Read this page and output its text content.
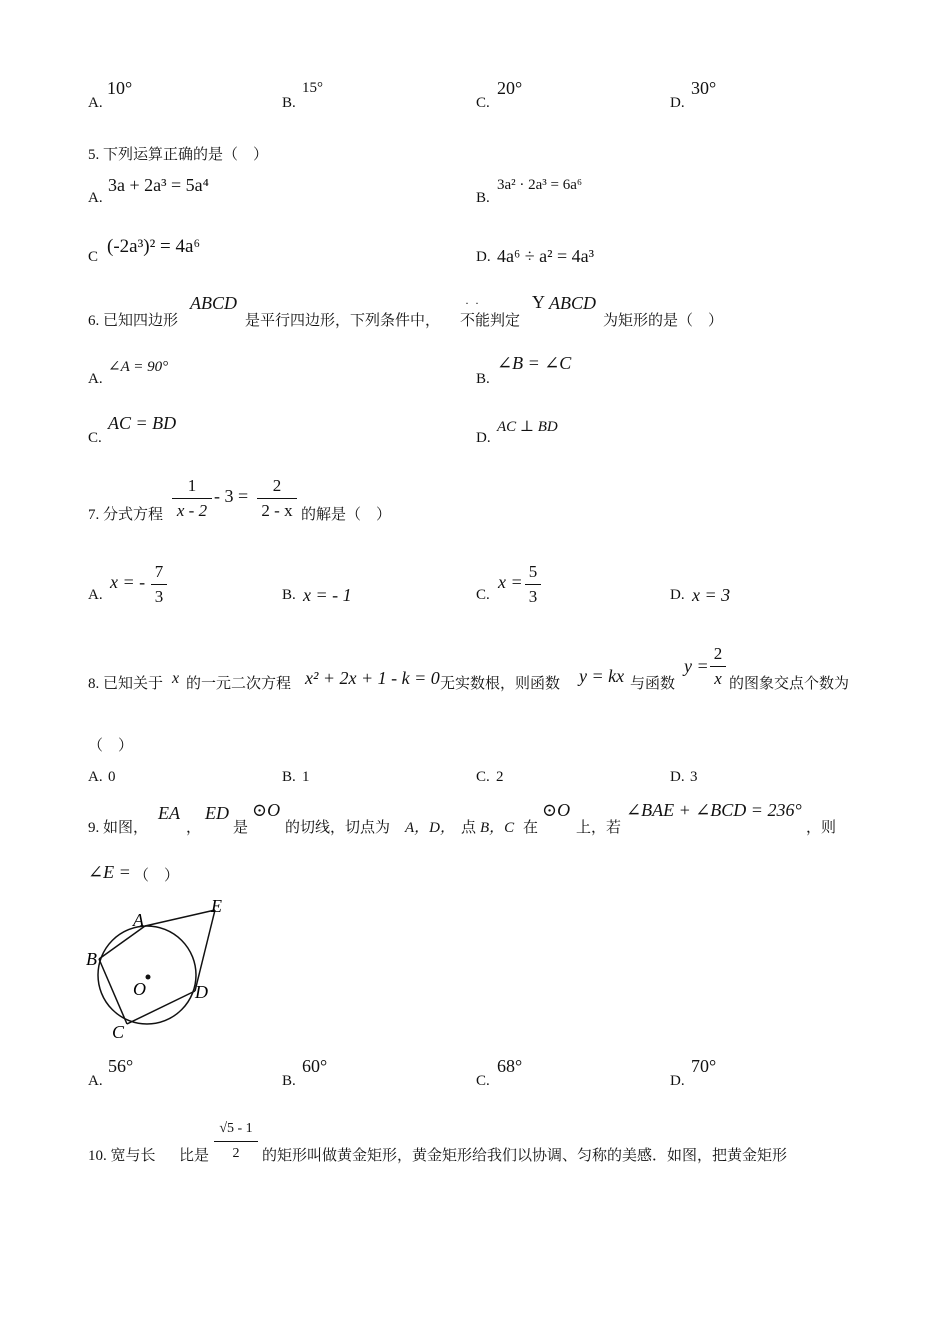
A.
10°
B.
15°
C.
20°
D.
30°
5. 下列运算正确的是（　）
A.
3a + 2a³ = 5a⁴
B.
3a² · 2a³ = 6a⁶
C (-2a³)² = 4a⁶	D. 4a⁶ ÷ a² = 4a³
6. 已知四边形
ABCD
是平行四边形，下列条件中， 不能
·  ·
判定
Y ABCD
为矩形的是（　）
A.
∠A = 90°
B.
∠B = ∠C
C.
AC = BD
D.
AC ⊥ BD
7. 分式方程
1
x - 2
- 3 =
2
2 - x 的解是（　）
A.
x = -
7
3	B. x = - 1	C.
x =
5
3	D. x = 3
8. 已知关于 x 的一元二次方程 x² + 2x + 1 - k = 0 无实数根，则函数 y = kx 与函数
y =
2
x 的图象交点个数为
（　）
A. 0	B. 1	C. 2	D. 3
9. 如图，
EA
，
ED
是
⊙O
的切线，切点为 A，D， 点 B，C 在
⊙O
上，若
∠BAE + ∠BCD = 236°
，则
∠E = （　）
A
B
C
D
E
O
A.
56°
B.
60°
C.
68°
D.
70°
10. 宽与长 比是
√5 - 1
2	的矩形叫做黄金矩形，黄金矩形给我们以协调、匀称的美感．如图，把黄金矩形
